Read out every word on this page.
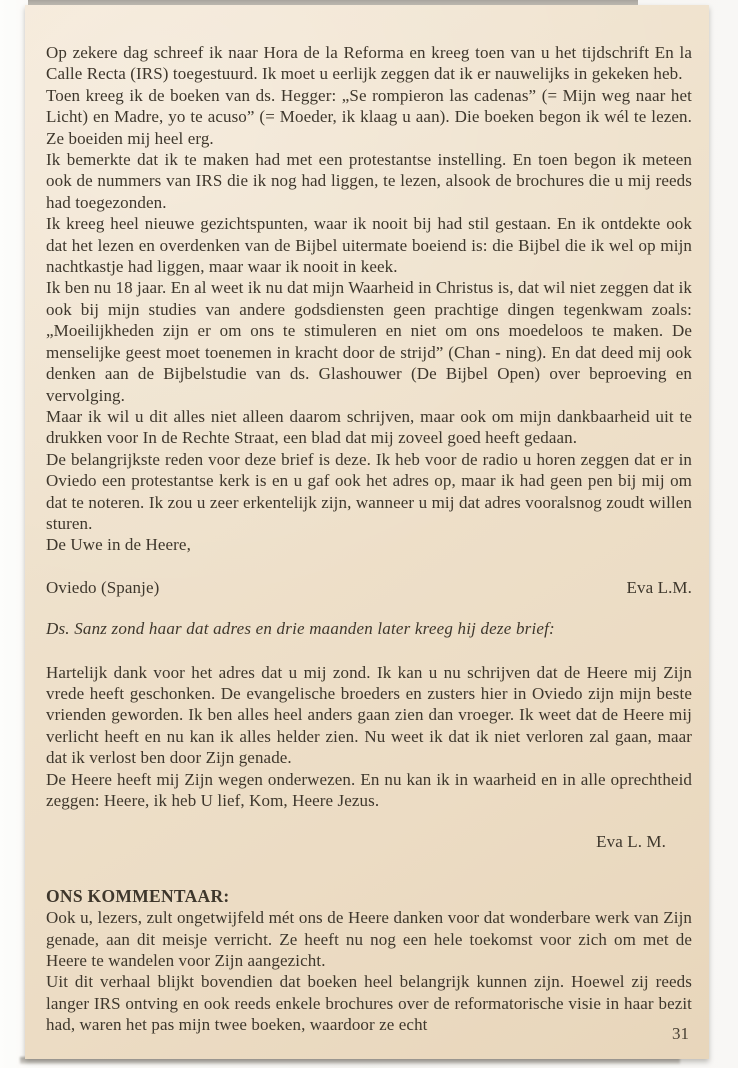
Op zekere dag schreef ik naar Hora de la Reforma en kreeg toen van u het tijdschrift En la Calle Recta (IRS) toegestuurd. Ik moet u eerlijk zeggen dat ik er nauwelijks in gekeken heb.

Toen kreeg ik de boeken van ds. Hegger: „Se rompieron las cadenas” (= Mijn weg naar het Licht) en Madre, yo te acuso” (= Moeder, ik klaag u aan). Die boeken begon ik wél te lezen. Ze boeiden mij heel erg.

Ik bemerkte dat ik te maken had met een protestantse instelling. En toen begon ik meteen ook de nummers van IRS die ik nog had liggen, te lezen, alsook de brochures die u mij reeds had toegezonden.

Ik kreeg heel nieuwe gezichtspunten, waar ik nooit bij had stil gestaan. En ik ontdekte ook dat het lezen en overdenken van de Bijbel uitermate boeiend is: die Bijbel die ik wel op mijn nachtkastje had liggen, maar waar ik nooit in keek.

Ik ben nu 18 jaar. En al weet ik nu dat mijn Waarheid in Christus is, dat wil niet zeggen dat ik ook bij mijn studies van andere godsdiensten geen prachtige dingen tegenkwam zoals: „Moeilijkheden zijn er om ons te stimuleren en niet om ons moedeloos te maken. De menselijke geest moet toenemen in kracht door de strijd” (Chan - ning). En dat deed mij ook denken aan de Bijbelstudie van ds. Glashouwer (De Bijbel Open) over beproeving en vervolging.

Maar ik wil u dit alles niet alleen daarom schrijven, maar ook om mijn dankbaarheid uit te drukken voor In de Rechte Straat, een blad dat mij zoveel goed heeft gedaan.

De belangrijkste reden voor deze brief is deze. Ik heb voor de radio u horen zeggen dat er in Oviedo een protestantse kerk is en u gaf ook het adres op, maar ik had geen pen bij mij om dat te noteren. Ik zou u zeer erkentelijk zijn, wanneer u mij dat adres vooralsnog zoudt willen sturen.

De Uwe in de Heere,

Oviedo (Spanje)	Eva L.M.

Ds. Sanz zond haar dat adres en drie maanden later kreeg hij deze brief:

Hartelijk dank voor het adres dat u mij zond. Ik kan u nu schrijven dat de Heere mij Zijn vrede heeft geschonken. De evangelische broeders en zusters hier in Oviedo zijn mijn beste vrienden geworden. Ik ben alles heel anders gaan zien dan vroeger. Ik weet dat de Heere mij verlicht heeft en nu kan ik alles helder zien. Nu weet ik dat ik niet verloren zal gaan, maar dat ik verlost ben door Zijn genade.

De Heere heeft mij Zijn wegen onderwezen. En nu kan ik in waarheid en in alle oprechtheid zeggen: Heere, ik heb U lief, Kom, Heere Jezus.

Eva L. M.
ONS KOMMENTAAR:

Ook u, lezers, zult ongetwijfeld mét ons de Heere danken voor dat wonderbare werk van Zijn genade, aan dit meisje verricht. Ze heeft nu nog een hele toekomst voor zich om met de Heere te wandelen voor Zijn aangezicht.

Uit dit verhaal blijkt bovendien dat boeken heel belangrijk kunnen zijn. Hoewel zij reeds langer IRS ontving en ook reeds enkele brochures over de reformatorische visie in haar bezit had, waren het pas mijn twee boeken, waardoor ze echt	31
